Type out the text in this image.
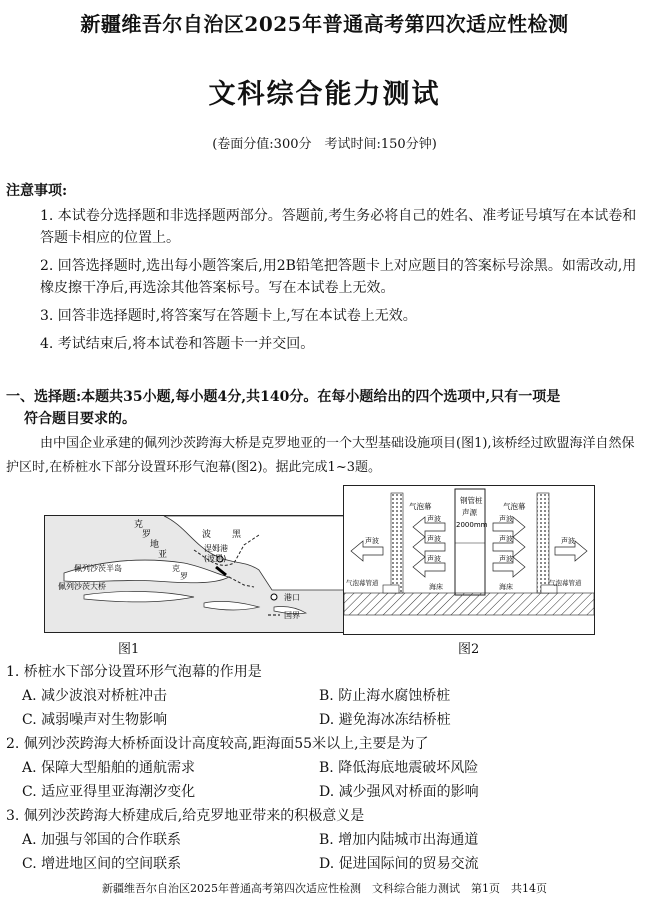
新疆维吾尔自治区2025年普通高考第四次适应性检测
文科综合能力测试
(卷面分值:300分　考试时间:150分钟)
注意事项:
1. 本试卷分选择题和非选择题两部分。答题前,考生务必将自己的姓名、准考证号填写在本试卷和答题卡相应的位置上。
2. 回答选择题时,选出每小题答案后,用2B铅笔把答题卡上对应题目的答案标号涂黑。如需改动,用橡皮擦干净后,再选涂其他答案标号。写在本试卷上无效。
3. 回答非选择题时,将答案写在答题卡上,写在本试卷上无效。
4. 考试结束后,将本试卷和答题卡一并交回。
一、选择题:本题共35小题,每小题4分,共140分。在每小题给出的四个选项中,只有一项是
符合题目要求的。
由中国企业承建的佩列沙茨跨海大桥是克罗地亚的一个大型基础设施项目(图1),该桥经过欧盟海洋自然保护区时,在桥桩水下部分设置环形气泡幕(图2)。据此完成1~3题。
克
罗
地
亚
波 黑
涅姆港
(波黑)
佩列沙茨半岛
佩列沙茨大桥
克
罗
港口
国界
图1
钢管桩
声源
2000mm
气泡幕	气泡幕
声波
声波
声波
声波
声波
声波
声波
声波
气泡幕管道	气泡幕管道
海床	海床
图2
1. 桥桩水下部分设置环形气泡幕的作用是
A. 减少波浪对桥桩冲击	B. 防止海水腐蚀桥桩
C. 减弱噪声对生物影响	D. 避免海冰冻结桥桩
2. 佩列沙茨跨海大桥桥面设计高度较高,距海面55米以上,主要是为了
A. 保障大型船舶的通航需求	B. 降低海底地震破坏风险
C. 适应亚得里亚海潮汐变化	D. 减少强风对桥面的影响
3. 佩列沙茨跨海大桥建成后,给克罗地亚带来的积极意义是
A. 加强与邻国的合作联系	B. 增加内陆城市出海通道
C. 增进地区间的空间联系	D. 促进国际间的贸易交流
新疆维吾尔自治区2025年普通高考第四次适应性检测　文科综合能力测试　第1页　共14页
